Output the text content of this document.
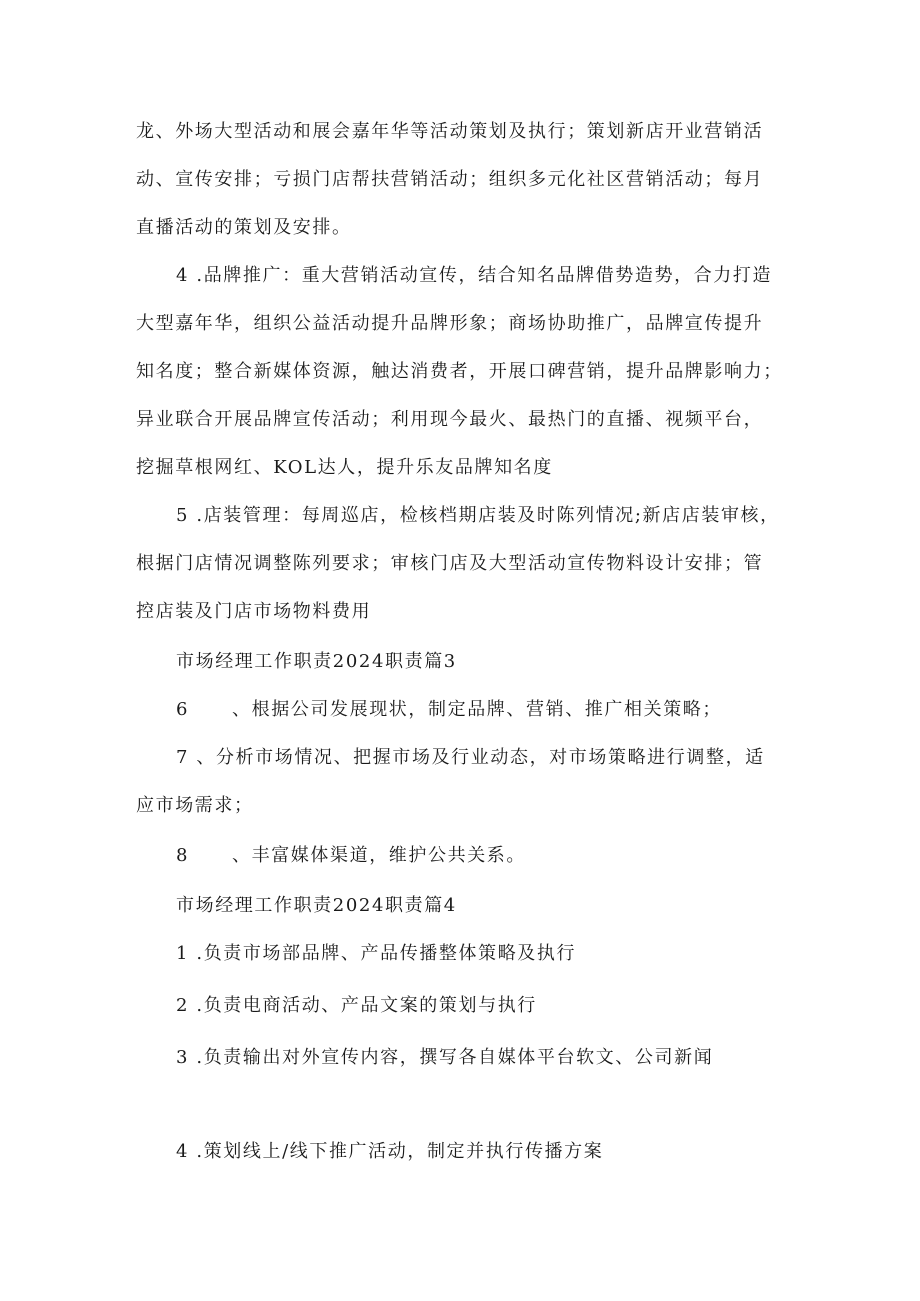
龙、外场大型活动和展会嘉年华等活动策划及执行；策划新店开业营销活
动、宣传安排；亏损门店帮扶营销活动；组织多元化社区营销活动；每月
直播活动的策划及安排。
4 .品牌推广：重大营销活动宣传，结合知名品牌借势造势，合力打造
大型嘉年华，组织公益活动提升品牌形象；商场协助推广，品牌宣传提升
知名度；整合新媒体资源，触达消费者，开展口碑营销，提升品牌影响力；
异业联合开展品牌宣传活动；利用现今最火、最热门的直播、视频平台，
挖掘草根网红、KOL达人，提升乐友品牌知名度
5 .店装管理：每周巡店，检核档期店装及时陈列情况;新店店装审核，
根据门店情况调整陈列要求；审核门店及大型活动宣传物料设计安排；管
控店装及门店市场物料费用
市场经理工作职责2024职责篇3
6 、根据公司发展现状，制定品牌、营销、推广相关策略；
7 、分析市场情况、把握市场及行业动态，对市场策略进行调整，适
应市场需求；
8 、丰富媒体渠道，维护公共关系。
市场经理工作职责2024职责篇4
1 .负责市场部品牌、产品传播整体策略及执行
2 .负责电商活动、产品文案的策划与执行
3 .负责输出对外宣传内容，撰写各自媒体平台软文、公司新闻
4 .策划线上/线下推广活动，制定并执行传播方案
